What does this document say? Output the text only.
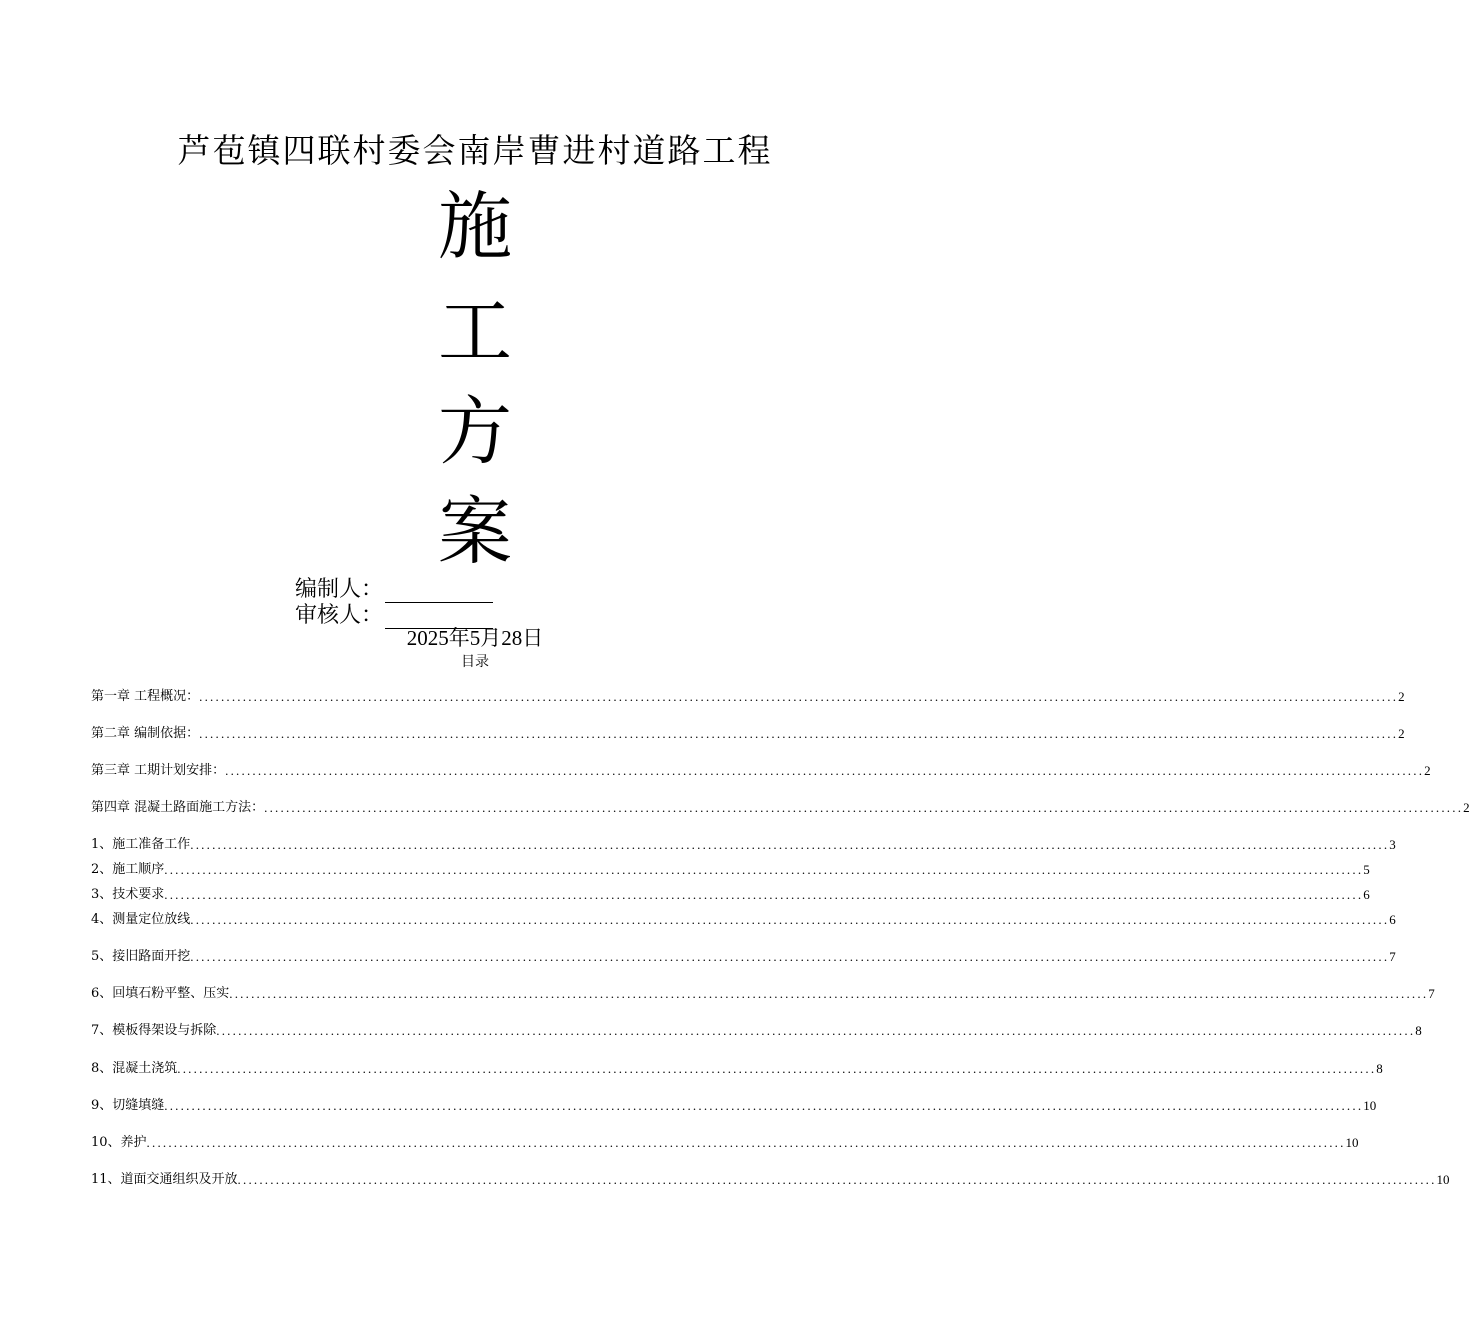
芦苞镇四联村委会南岸曹进村道路工程
施
工
方
案
编制人：
审核人：
2025年5月28日
目录
第一章 工程概况： ............................................................................................................................................................................................................................ 2
第二章 编制依据： ............................................................................................................................................................................................................................ 2
第三章 工期计划安排： ............................................................................................................................................................................................................................ 2
第四章 混凝土路面施工方法： ............................................................................................................................................................................................................................ 2
1、施工准备工作 ............................................................................................................................................................................................................................ 3
2、施工顺序 ............................................................................................................................................................................................................................ 5
3、技术要求 ............................................................................................................................................................................................................................ 6
4、测量定位放线 ............................................................................................................................................................................................................................ 6
5、接旧路面开挖 ............................................................................................................................................................................................................................ 7
6、回填石粉平整、压实 ............................................................................................................................................................................................................................ 7
7、模板得架设与拆除 ............................................................................................................................................................................................................................ 8
8、混凝土浇筑 ............................................................................................................................................................................................................................ 8
9、切缝填缝 ............................................................................................................................................................................................................................ 10
10、养护 ............................................................................................................................................................................................................................ 10
11、道面交通组织及开放 ............................................................................................................................................................................................................................ 10
